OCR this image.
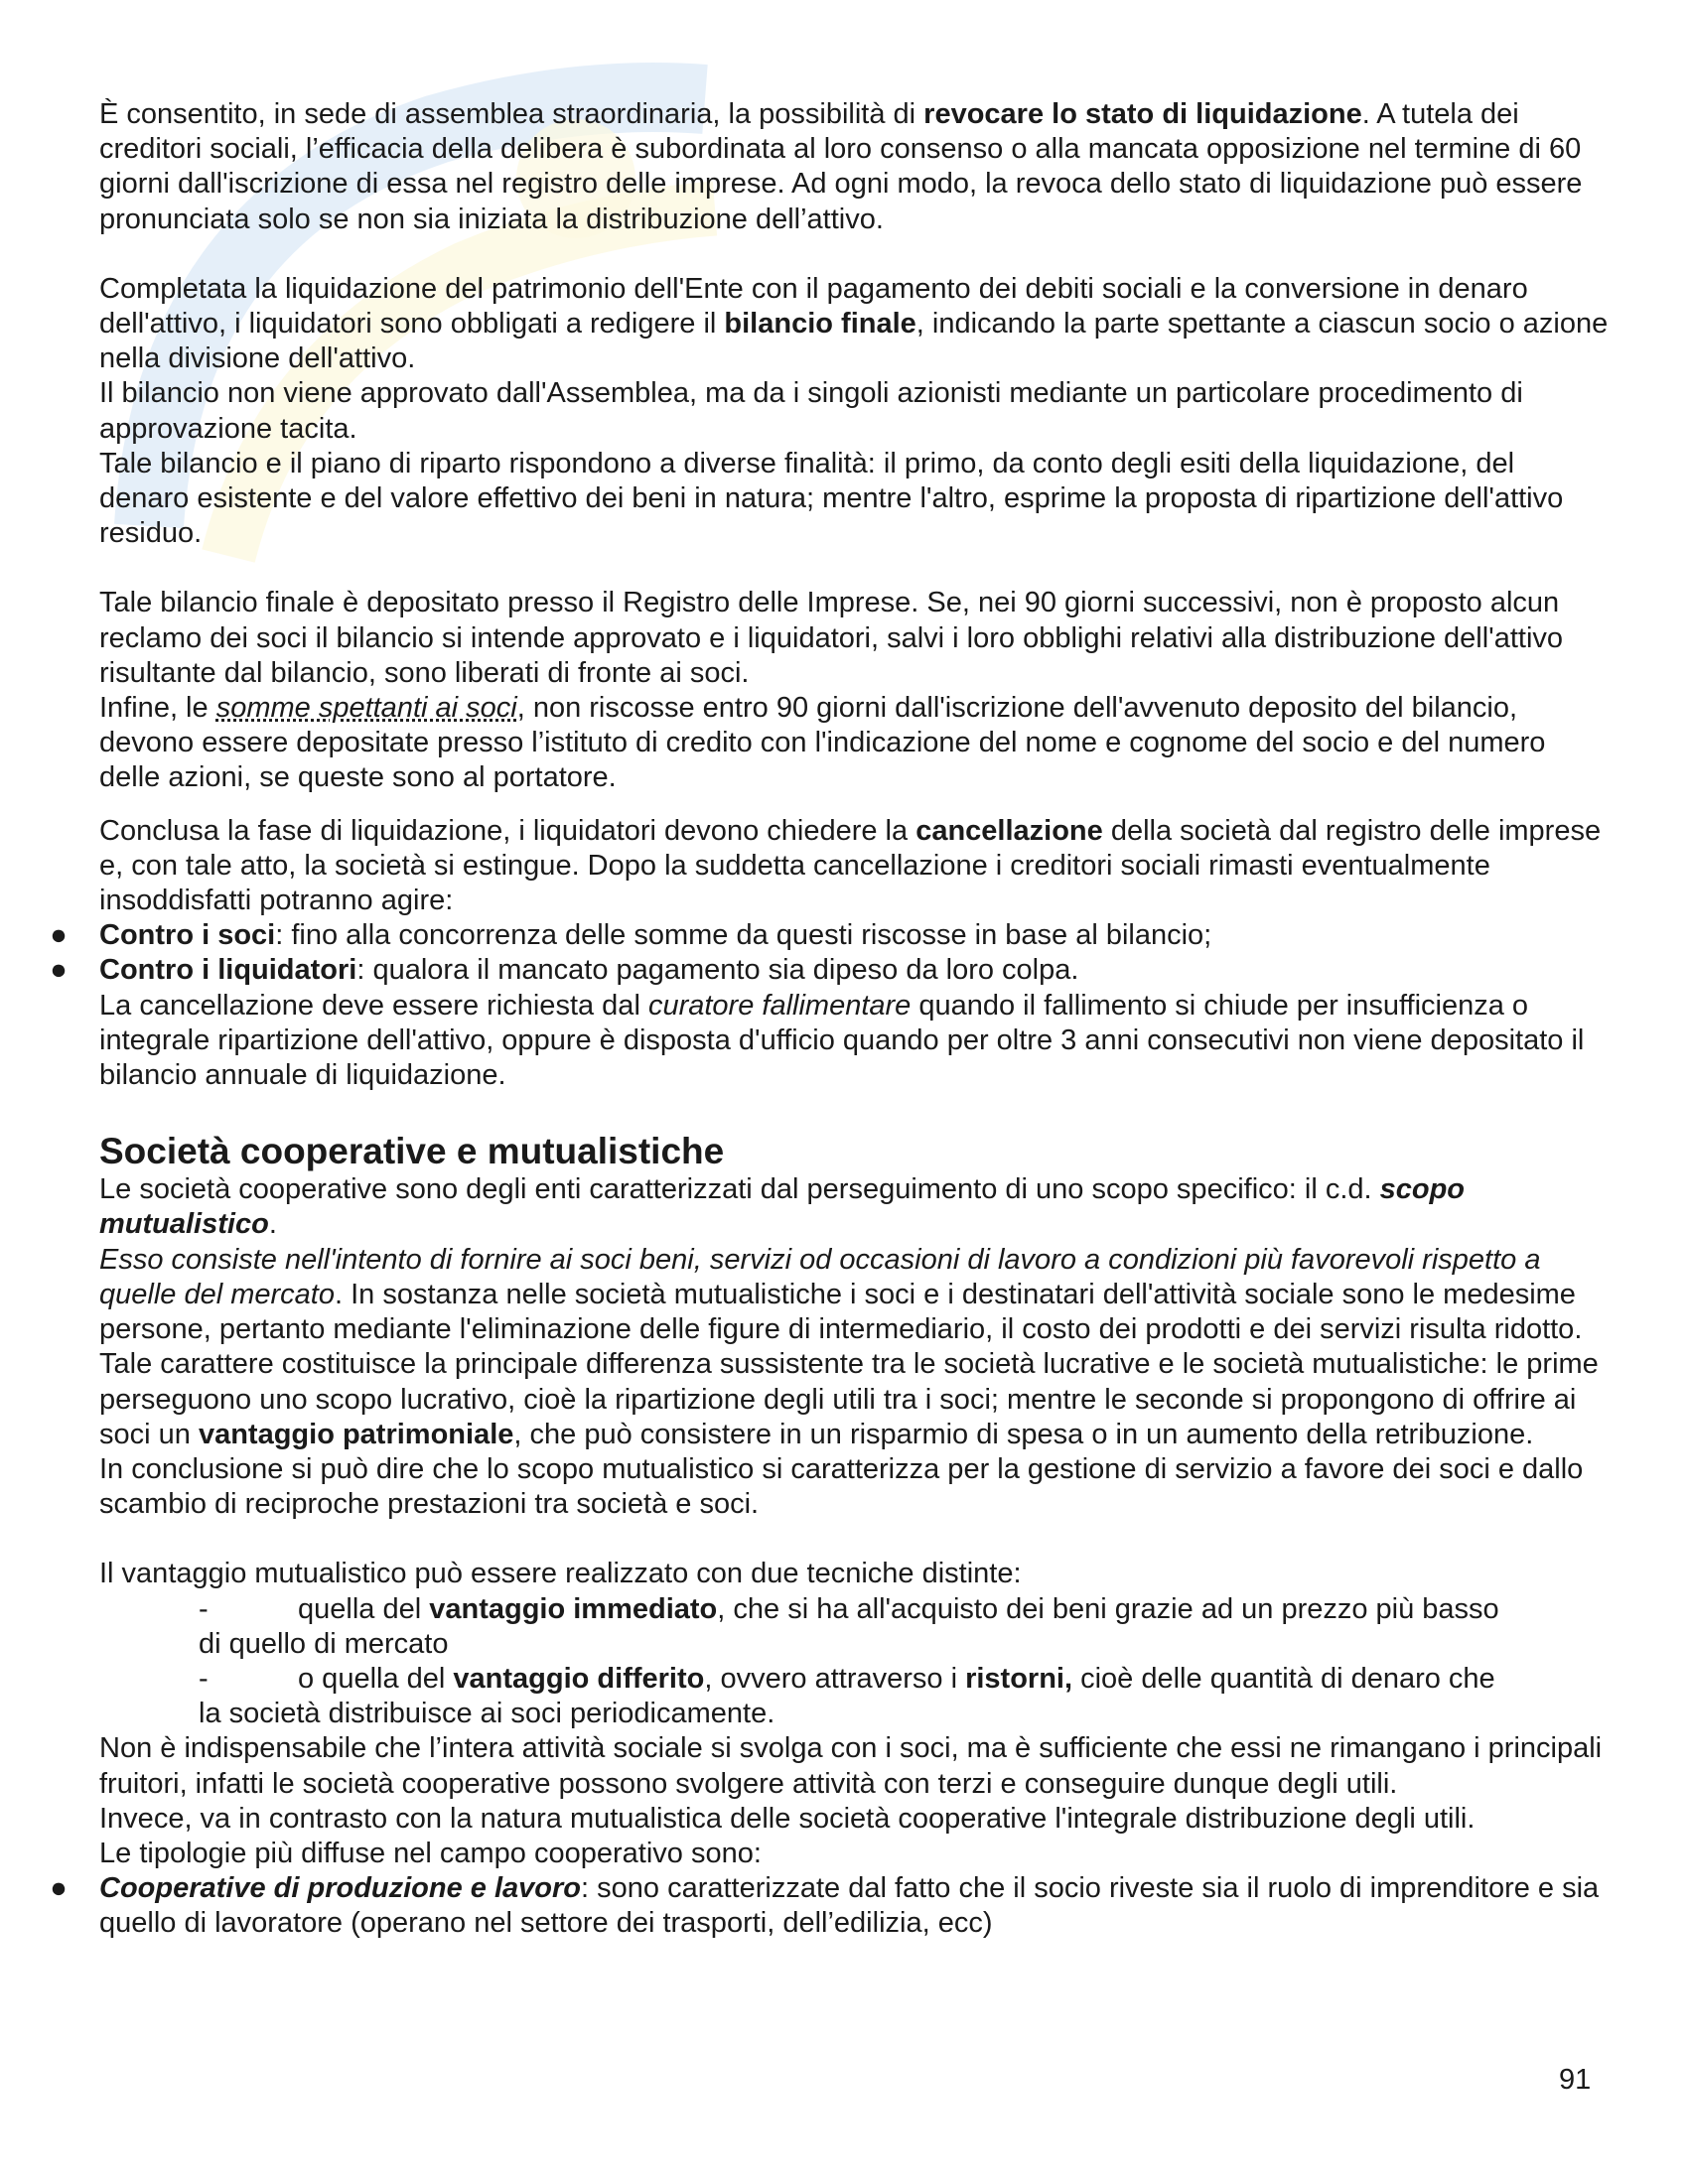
È consentito, in sede di assemblea straordinaria, la possibilità di revocare lo stato di liquidazione. A tutela dei creditori sociali, l’efficacia della delibera è subordinata al loro consenso o alla mancata opposizione nel termine di 60 giorni dall'iscrizione di essa nel registro delle imprese. Ad ogni modo, la revoca dello stato di liquidazione può essere pronunciata solo se non sia iniziata la distribuzione dell’attivo.

Completata la liquidazione del patrimonio dell'Ente con il pagamento dei debiti sociali e la conversione in denaro dell'attivo, i liquidatori sono obbligati a redigere il bilancio finale, indicando la parte spettante a ciascun socio o azione nella divisione dell'attivo.

Il bilancio non viene approvato dall'Assemblea, ma da i singoli azionisti mediante un particolare procedimento di approvazione tacita.

Tale bilancio e il piano di riparto rispondono a diverse finalità: il primo, da conto degli esiti della liquidazione, del denaro esistente e del valore effettivo dei beni in natura; mentre l'altro, esprime la proposta di ripartizione dell'attivo residuo.

Tale bilancio finale è depositato presso il Registro delle Imprese. Se, nei 90 giorni successivi, non è proposto alcun reclamo dei soci il bilancio si intende approvato e i liquidatori, salvi i loro obblighi relativi alla distribuzione dell'attivo risultante dal bilancio, sono liberati di fronte ai soci.

Infine, le somme spettanti ai soci, non riscosse entro 90 giorni dall'iscrizione dell'avvenuto deposito del bilancio, devono essere depositate presso l’istituto di credito con l'indicazione del nome e cognome del socio e del numero delle azioni, se queste sono al portatore.

Conclusa la fase di liquidazione, i liquidatori devono chiedere la cancellazione della società dal registro delle imprese e, con tale atto, la società si estingue. Dopo la suddetta cancellazione i creditori sociali rimasti eventualmente insoddisfatti potranno agire:

● Contro i soci: fino alla concorrenza delle somme da questi riscosse in base al bilancio;
● Contro i liquidatori: qualora il mancato pagamento sia dipeso da loro colpa.

La cancellazione deve essere richiesta dal curatore fallimentare quando il fallimento si chiude per insufficienza o integrale ripartizione dell'attivo, oppure è disposta d'ufficio quando per oltre 3 anni consecutivi non viene depositato il bilancio annuale di liquidazione.

Società cooperative e mutualistiche

Le società cooperative sono degli enti caratterizzati dal perseguimento di uno scopo specifico: il c.d. scopo mutualistico.

Esso consiste nell'intento di fornire ai soci beni, servizi od occasioni di lavoro a condizioni più favorevoli rispetto a quelle del mercato. In sostanza nelle società mutualistiche i soci e i destinatari dell'attività sociale sono le medesime persone, pertanto mediante l'eliminazione delle figure di intermediario, il costo dei prodotti e dei servizi risulta ridotto.

Tale carattere costituisce la principale differenza sussistente tra le società lucrative e le società mutualistiche: le prime perseguono uno scopo lucrativo, cioè la ripartizione degli utili tra i soci; mentre le seconde si propongono di offrire ai soci un vantaggio patrimoniale, che può consistere in un risparmio di spesa o in un aumento della retribuzione.

In conclusione si può dire che lo scopo mutualistico si caratterizza per la gestione di servizio a favore dei soci e dallo scambio di reciproche prestazioni tra società e soci.

Il vantaggio mutualistico può essere realizzato con due tecniche distinte:

-	quella del vantaggio immediato, che si ha all'acquisto dei beni grazie ad un prezzo più basso
di quello di mercato
-	o quella del vantaggio differito, ovvero attraverso i ristorni, cioè delle quantità di denaro che
la società distribuisce ai soci periodicamente.

Non è indispensabile che l’intera attività sociale si svolga con i soci, ma è sufficiente che essi ne rimangano i principali fruitori, infatti le società cooperative possono svolgere attività con terzi e conseguire dunque degli utili.

Invece, va in contrasto con la natura mutualistica delle società cooperative l'integrale distribuzione degli utili.

Le tipologie più diffuse nel campo cooperativo sono:

● Cooperative di produzione e lavoro: sono caratterizzate dal fatto che il socio riveste sia il ruolo di imprenditore e sia quello di lavoratore (operano nel settore dei trasporti, dell’edilizia, ecc)
91
